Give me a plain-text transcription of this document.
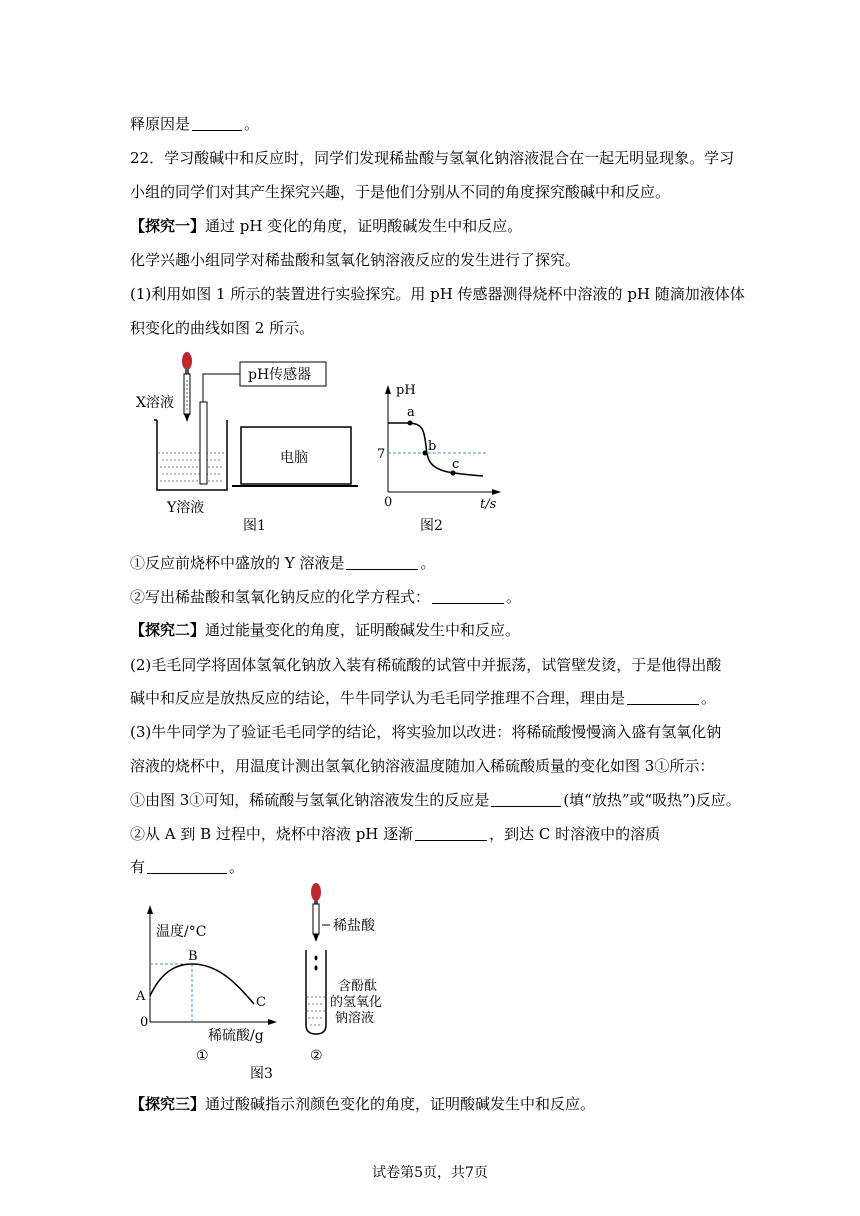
释原因是	。
22．学习酸碱中和反应时，同学们发现稀盐酸与氢氧化钠溶液混合在一起无明显现象。学习
小组的同学们对其产生探究兴趣，于是他们分别从不同的角度探究酸碱中和反应。
【探究一】通过 pH 变化的角度，证明酸碱发生中和反应。
化学兴趣小组同学对稀盐酸和氢氧化钠溶液反应的发生进行了探究。
(1)利用如图 1 所示的装置进行实验探究。用 pH 传感器测得烧杯中溶液的 pH 随滴加液体体
积变化的曲线如图 2 所示。
X溶液
pH传感器
Y溶液
电脑
图1
pH
t/s
0
7
a
b
c
图2
①反应前烧杯中盛放的 Y 溶液是	。
②写出稀盐酸和氢氧化钠反应的化学方程式：	。
【探究二】通过能量变化的角度，证明酸碱发生中和反应。
(2)毛毛同学将固体氢氧化钠放入装有稀硫酸的试管中并振荡，试管壁发烫，于是他得出酸
碱中和反应是放热反应的结论，牛牛同学认为毛毛同学推理不合理，理由是	。
(3)牛牛同学为了验证毛毛同学的结论，将实验加以改进：将稀硫酸慢慢滴入盛有氢氧化钠
溶液的烧杯中，用温度计测出氢氧化钠溶液温度随加入稀硫酸质量的变化如图 3①所示：
①由图 3①可知，稀硫酸与氢氧化钠溶液发生的反应是	(填“放热”或“吸热”)反应。
②从 A 到 B 过程中，烧杯中溶液 pH 逐渐	，到达 C 时溶液中的溶质
有	。
温度/°C
稀硫酸/g
0
A
B
C
①
稀盐酸
含酚酞
的氢氧化
钠溶液
②
图3
【探究三】通过酸碱指示剂颜色变化的角度，证明酸碱发生中和反应。
试卷第5页，共7页
